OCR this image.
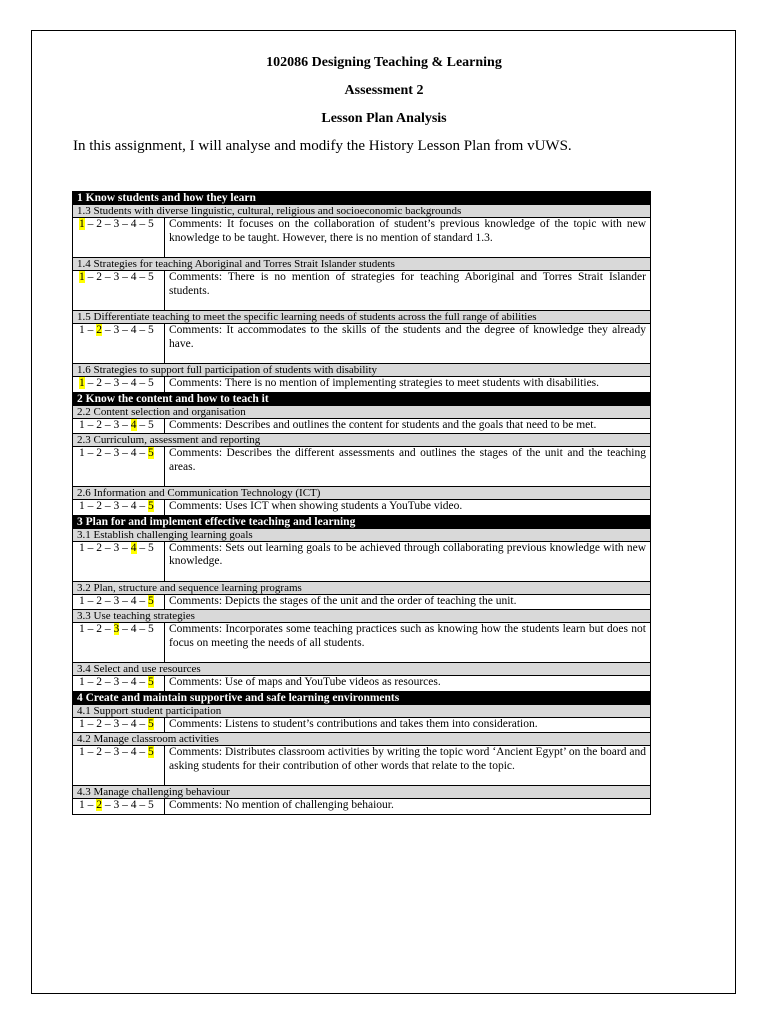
102086 Designing Teaching & Learning
Assessment 2
Lesson Plan Analysis
In this assignment, I will analyse and modify the History Lesson Plan from vUWS.
1 Know students and how they learn	
1.3 Students with diverse linguistic, cultural, religious and socioeconomic backgrounds	
1 – 2 – 3 – 4 – 5	Comments: It focuses on the collaboration of student’s previous knowledge of the topic with new knowledge to be taught. However, there is no mention of standard 1.3.

1.4 Strategies for teaching Aboriginal and Torres Strait Islander students	
1 – 2 – 3 – 4 – 5	Comments: There is no mention of strategies for teaching Aboriginal and Torres Strait Islander students.

1.5 Differentiate teaching to meet the specific learning needs of students across the full range of abilities	
1 – 2 – 3 – 4 – 5	Comments: It accommodates to the skills of the students and the degree of knowledge they already have.

1.6 Strategies to support full participation of students with disability	
1 – 2 – 3 – 4 – 5	Comments: There is no mention of implementing strategies to meet students with disabilities.
2 Know the content and how to teach it	
2.2 Content selection and organisation	
1 – 2 – 3 – 4 – 5	Comments: Describes and outlines the content for students and the goals that need to be met.
2.3 Curriculum, assessment and reporting	
1 – 2 – 3 – 4 – 5	Comments: Describes the different assessments and outlines the stages of the unit and the teaching areas.

2.6 Information and Communication Technology (ICT)	
1 – 2 – 3 – 4 – 5	Comments: Uses ICT when showing students a YouTube video.
3 Plan for and implement effective teaching and learning	
3.1 Establish challenging learning goals	
1 – 2 – 3 – 4 – 5	Comments: Sets out learning goals to be achieved through collaborating previous knowledge with new knowledge.

3.2 Plan, structure and sequence learning programs	
1 – 2 – 3 – 4 – 5	Comments: Depicts the stages of the unit and the order of teaching the unit.
3.3 Use teaching strategies	
1 – 2 – 3 – 4 – 5	Comments: Incorporates some teaching practices such as knowing how the students learn but does not focus on meeting the needs of all students.

3.4 Select and use resources	
1 – 2 – 3 – 4 – 5	Comments: Use of maps and YouTube videos as resources.
4 Create and maintain supportive and safe learning environments	
4.1 Support student participation	
1 – 2 – 3 – 4 – 5	Comments: Listens to student’s contributions and takes them into consideration.
4.2 Manage classroom activities	
1 – 2 – 3 – 4 – 5	Comments: Distributes classroom activities by writing the topic word ‘Ancient Egypt’ on the board and asking students for their contribution of other words that relate to the topic.

4.3 Manage challenging behaviour	
1 – 2 – 3 – 4 – 5	Comments: No mention of challenging behaiour.
